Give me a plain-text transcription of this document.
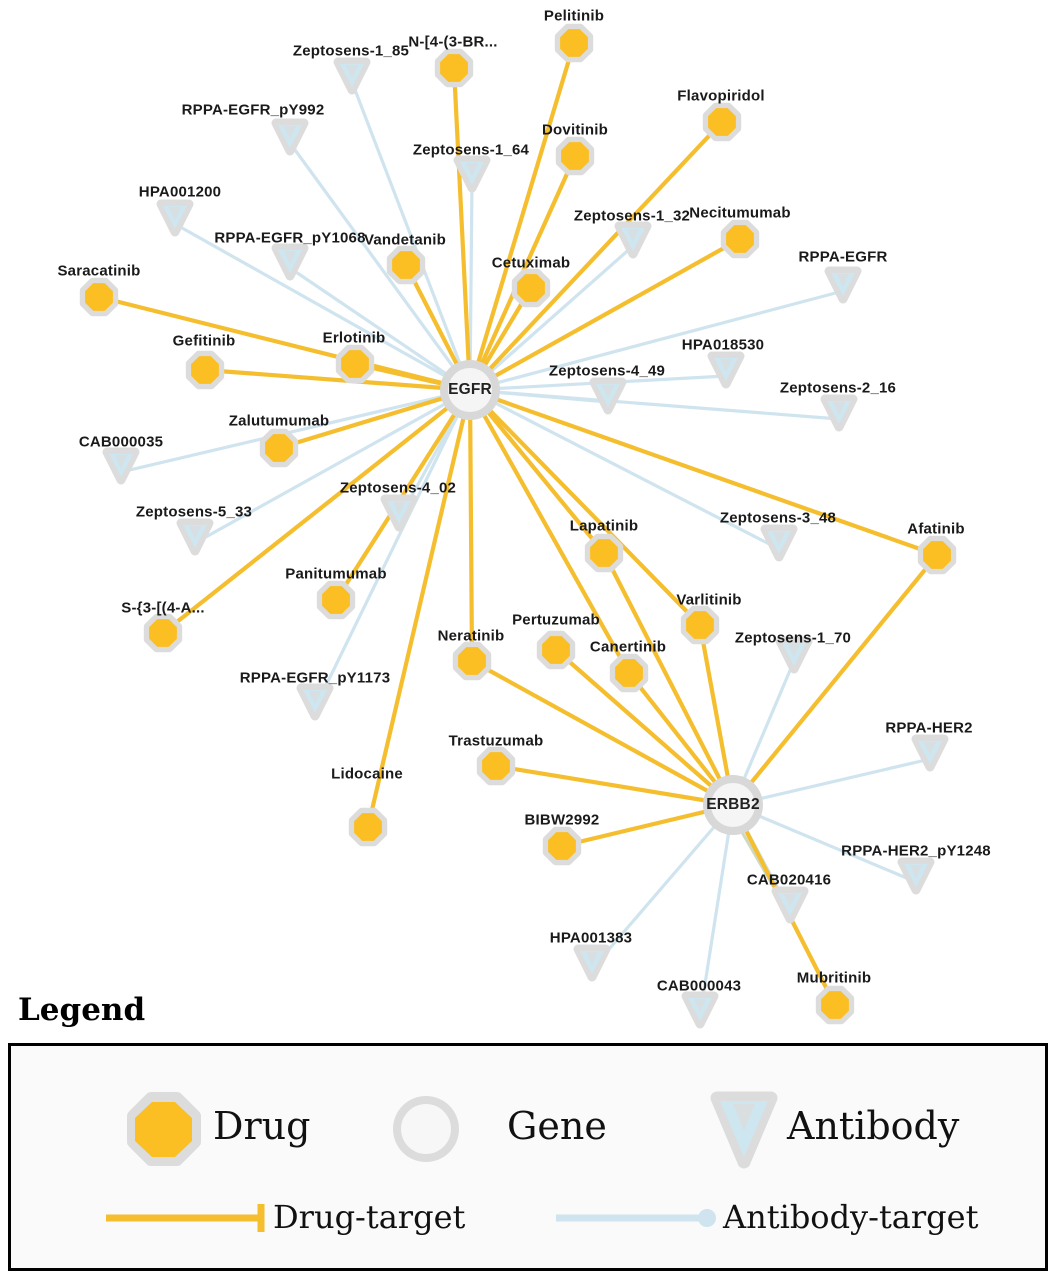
EGFR
ERBB2
Pelitinib
N-[4-(3-BR...
Dovitinib
Flavopiridol
Necitumumab
Vandetanib
Cetuximab
Saracatinib
Gefitinib	Erlotinib
Zalutumumab
Panitumumab
S-{3-[(4-A...
Lidocaine
Lapatinib
Varlitinib
Afatinib
Pertuzumab
Neratinib
Canertinib
Trastuzumab
BIBW2992
Mubritinib
Zeptosens-1_85
RPPA-EGFR_pY992
Zeptosens-1_64
HPA001200
Zeptosens-1_32
RPPA-EGFR_pY1068
RPPA-EGFR
HPA018530
Zeptosens-4_49
Zeptosens-2_16
CAB000035
Zeptosens-4_02
Zeptosens-5_33	Zeptosens-3_48
RPPA-EGFR_pY1173
Zeptosens-1_70
RPPA-HER2
RPPA-HER2_pY1248
CAB020416
HPA001383
CAB000043
Legend
Drug	Gene	Antibody
Drug-target	Antibody-target
